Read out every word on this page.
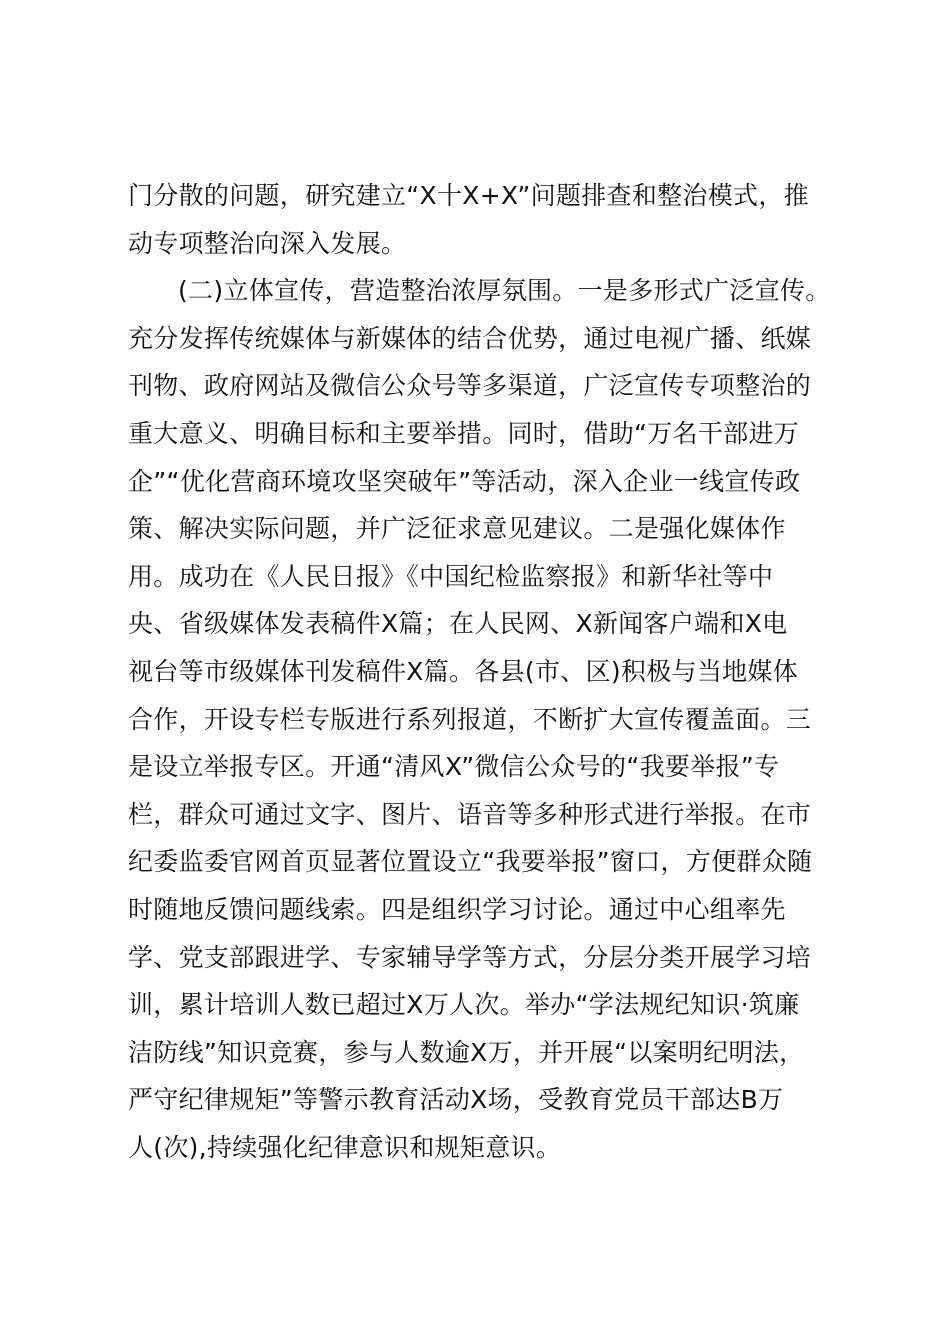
门分散的问题，研究建立“X十X+X”问题排查和整治模式，推
动专项整治向深入发展。
(二)立体宣传，营造整治浓厚氛围。一是多形式广泛宣传。
充分发挥传统媒体与新媒体的结合优势，通过电视广播、纸媒
刊物、政府网站及微信公众号等多渠道，广泛宣传专项整治的
重大意义、明确目标和主要举措。同时，借助“万名干部进万
企”“优化营商环境攻坚突破年”等活动，深入企业一线宣传政
策、解决实际问题，并广泛征求意见建议。二是强化媒体作
用。成功在《人民日报》《中国纪检监察报》和新华社等中
央、省级媒体发表稿件X篇；在人民网、X新闻客户端和X电
视台等市级媒体刊发稿件X篇。各县(市、区)积极与当地媒体
合作，开设专栏专版进行系列报道，不断扩大宣传覆盖面。三
是设立举报专区。开通“清风X”微信公众号的“我要举报”专
栏，群众可通过文字、图片、语音等多种形式进行举报。在市
纪委监委官网首页显著位置设立“我要举报”窗口，方便群众随
时随地反馈问题线索。四是组织学习讨论。通过中心组率先
学、党支部跟进学、专家辅导学等方式，分层分类开展学习培
训，累计培训人数已超过X万人次。举办“学法规纪知识·筑廉
洁防线”知识竞赛，参与人数逾X万，并开展“以案明纪明法，
严守纪律规矩”等警示教育活动X场，受教育党员干部达B万
人(次),持续强化纪律意识和规矩意识。
